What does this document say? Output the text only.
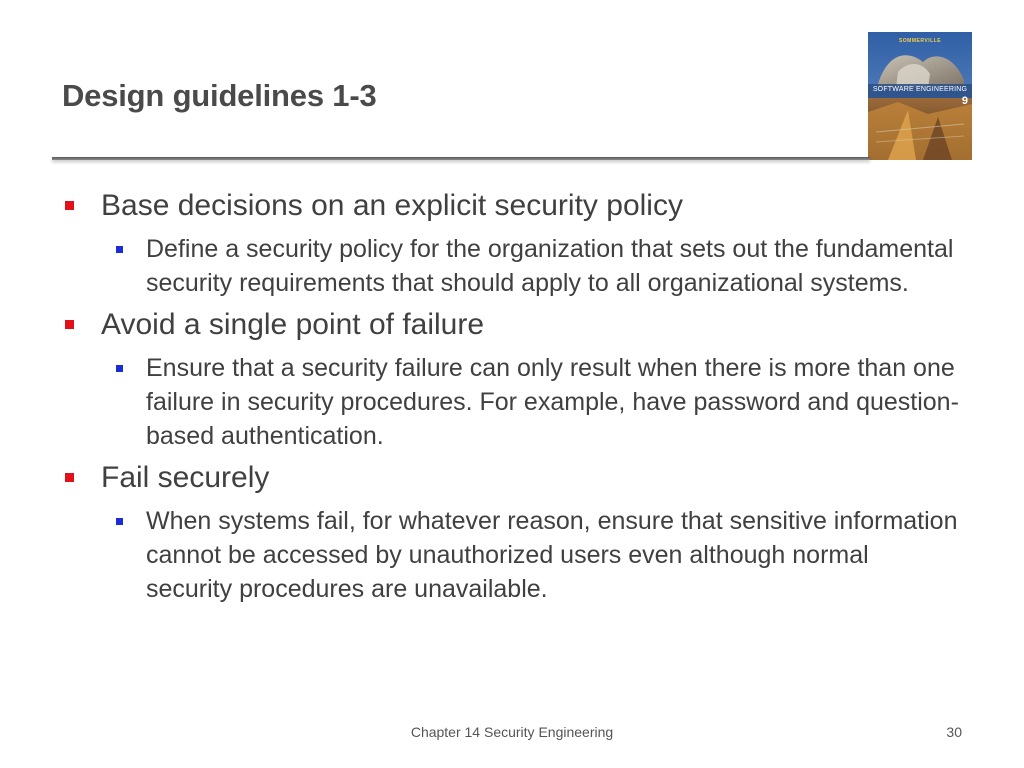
Design guidelines 1-3
SOMMERVILLE
SOFTWARE ENGINEERING
9
Base decisions on an explicit security policy
Define a security policy for the organization that sets out the fundamental security requirements that should apply to all organizational systems.
Avoid a single point of failure
Ensure that a security failure can only result when there is more than one failure in security procedures. For example, have password and question-based authentication.
Fail securely
When systems fail, for whatever reason, ensure that sensitive information cannot be accessed by unauthorized users even although normal security procedures are unavailable.
Chapter 14 Security Engineering	30
